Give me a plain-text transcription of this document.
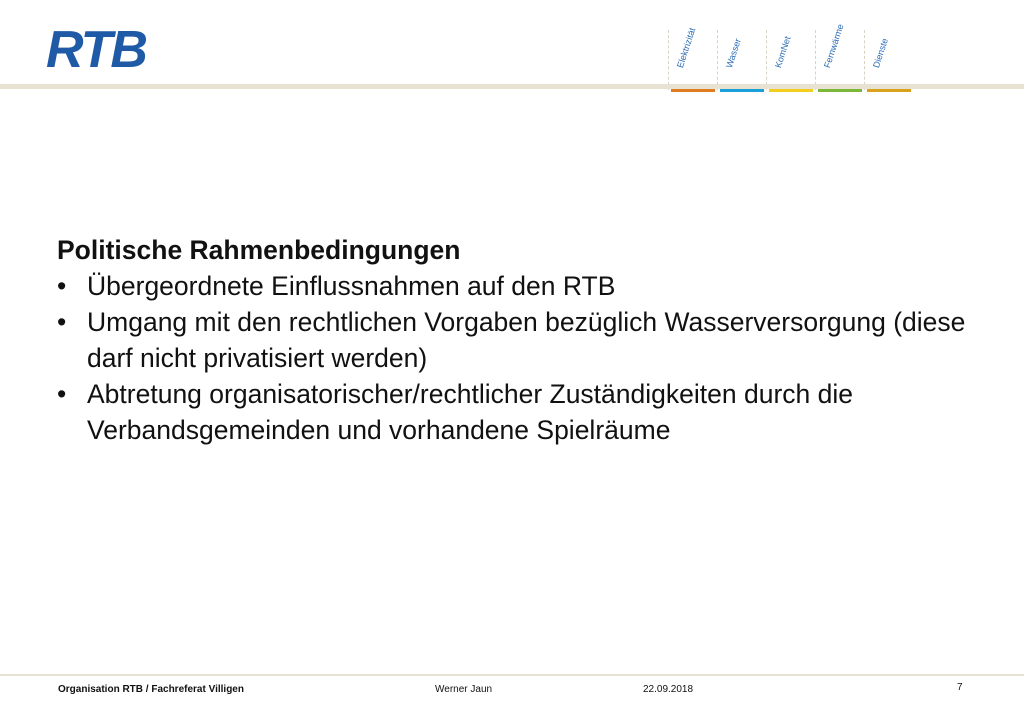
RTB	Elektrizität	Wasser	KomNet	Fernwärme	Dienste
Politische Rahmenbedingungen
• Übergeordnete Einflussnahmen auf den RTB
• Umgang mit den rechtlichen Vorgaben bezüglich Wasserversorgung (diese darf nicht privatisiert werden)
• Abtretung organisatorischer/rechtlicher Zuständigkeiten durch die Verbandsgemeinden und vorhandene Spielräume
Organisation RTB / Fachreferat Villigen	Werner Jaun	22.09.2018	7
